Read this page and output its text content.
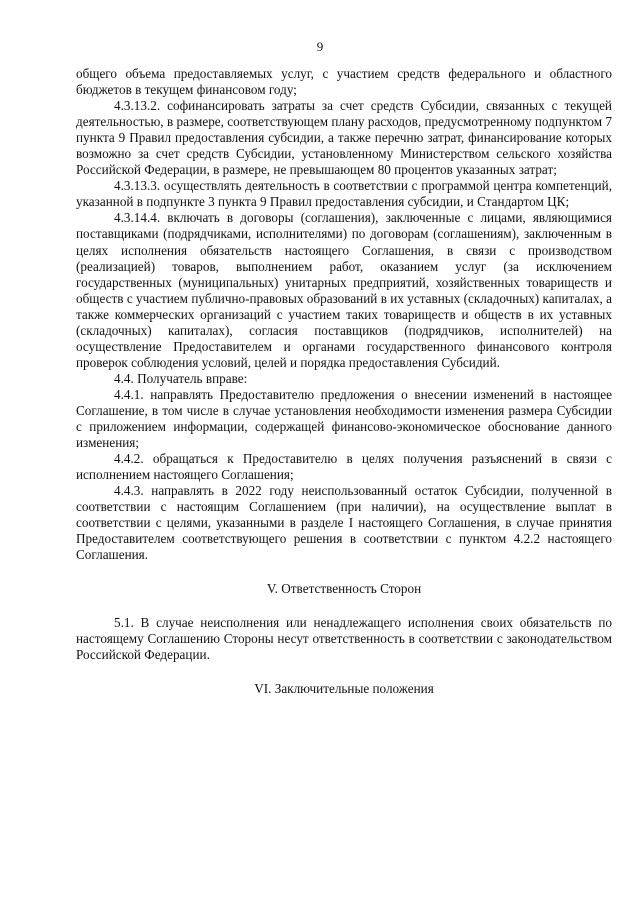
9

общего объема предоставляемых услуг, с участием средств федерального и областного бюджетов в текущем финансовом году;

4.3.13.2. софинансировать затраты за счет средств Субсидии, связанных с текущей деятельностью, в размере, соответствующем плану расходов, предусмотренному подпунктом 7 пункта 9 Правил предоставления субсидии, а также перечню затрат, финансирование которых возможно за счет средств Субсидии, установленному Министерством сельского хозяйства Российской Федерации, в размере, не превышающем 80 процентов указанных затрат;

4.3.13.3. осуществлять деятельность в соответствии с программой центра компетенций, указанной в подпункте 3 пункта 9 Правил предоставления субсидии, и Стандартом ЦК;

4.3.14.4. включать в договоры (соглашения), заключенные с лицами, являющимися поставщиками (подрядчиками, исполнителями) по договорам (соглашениям), заключенным в целях исполнения обязательств настоящего Соглашения, в связи с производством (реализацией) товаров, выполнением работ, оказанием услуг (за исключением государственных (муниципальных) унитарных предприятий, хозяйственных товариществ и обществ с участием публично-правовых образований в их уставных (складочных) капиталах, а также коммерческих организаций с участием таких товариществ и обществ в их уставных (складочных) капиталах), согласия поставщиков (подрядчиков, исполнителей) на осуществление Предоставителем и органами государственного финансового контроля проверок соблюдения условий, целей и порядка предоставления Субсидий.

4.4. Получатель вправе:

4.4.1. направлять Предоставителю предложения о внесении изменений в настоящее Соглашение, в том числе в случае установления необходимости изменения размера Субсидии с приложением информации, содержащей финансово-экономическое обоснование данного изменения;

4.4.2. обращаться к Предоставителю в целях получения разъяснений в связи с исполнением настоящего Соглашения;

4.4.3. направлять в 2022 году неиспользованный остаток Субсидии, полученной в соответствии с настоящим Соглашением (при наличии), на осуществление выплат в соответствии с целями, указанными в разделе I настоящего Соглашения, в случае принятия Предоставителем соответствующего решения в соответствии с пунктом 4.2.2 настоящего Соглашения.

V. Ответственность Сторон

5.1. В случае неисполнения или ненадлежащего исполнения своих обязательств по настоящему Соглашению Стороны несут ответственность в соответствии с законодательством Российской Федерации.

VI. Заключительные положения
